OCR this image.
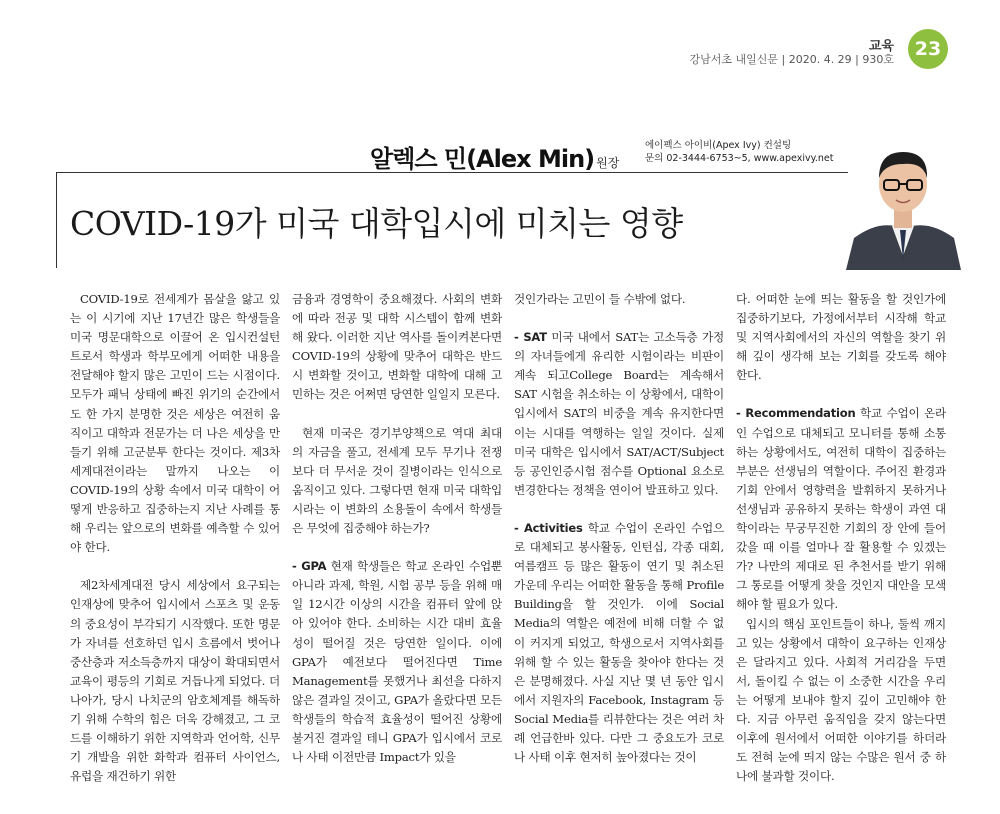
교육
강남서초 내일신문 | 2020. 4. 29 | 930호	23
알렉스 민(Alex Min) 원장
에이펙스 아이비(Apex Ivy) 컨설팅
문의 02-3444-6753~5, www.apexivy.net
COVID-19가 미국 대학입시에 미치는 영향

COVID-19로 전세계가 몸살을 앓고 있는 이 시기에 지난 17년간 많은 학생들을 미국 명문대학으로 이끌어 온 입시컨설턴트로서 학생과 학부모에게 어떠한 내용을 전달해야 할지 많은 고민이 드는 시점이다. 모두가 패닉 상태에 빠진 위기의 순간에서도 한 가지 분명한 것은 세상은 여전히 움직이고 대학과 전문가는 더 나은 세상을 만들기 위해 고군분투 한다는 것이다. 제3차 세계대전이라는 말까지 나오는 이 COVID-19의 상황 속에서 미국 대학이 어떻게 반응하고 집중하는지 지난 사례를 통해 우리는 앞으로의 변화를 예측할 수 있어야 한다.

제2차세계대전 당시 세상에서 요구되는 인재상에 맞추어 입시에서 스포츠 및 운동의 중요성이 부각되기 시작했다. 또한 명문가 자녀를 선호하던 입시 흐름에서 벗어나 중산층과 저소득층까지 대상이 확대되면서 교육이 평등의 기회로 거듭나게 되었다. 더 나아가, 당시 나치군의 암호체계를 해독하기 위해 수학의 힘은 더욱 강해졌고, 그 코드를 이해하기 위한 지역학과 언어학, 신무기 개발을 위한 화학과 컴퓨터 사이언스, 유럽을 재건하기 위한

금융과 경영학이 중요해졌다. 사회의 변화에 따라 전공 및 대학 시스템이 함께 변화해 왔다. 이러한 지난 역사를 돌이켜본다면 COVID-19의 상황에 맞추어 대학은 반드시 변화할 것이고, 변화할 대학에 대해 고민하는 것은 어쩌면 당연한 일일지 모른다.

현재 미국은 경기부양책으로 역대 최대의 자금을 풀고, 전세계 모두 무기나 전쟁보다 더 무서운 것이 질병이라는 인식으로 움직이고 있다. 그렇다면 현재 미국 대학입시라는 이 변화의 소용돌이 속에서 학생들은 무엇에 집중해야 하는가?

- GPA 현재 학생들은 학교 온라인 수업뿐 아니라 과제, 학원, 시험 공부 등을 위해 매일 12시간 이상의 시간을 컴퓨터 앞에 앉아 있어야 한다. 소비하는 시간 대비 효율성이 떨어질 것은 당연한 일이다. 이에 GPA가 예전보다 떨어진다면 Time Management를 못했거나 최선을 다하지 않은 결과일 것이고, GPA가 올랐다면 모든 학생들의 학습적 효율성이 떨어진 상황에 불거진 결과일 테니 GPA가 입시에서 코로나 사태 이전만큼 Impact가 있을

것인가라는 고민이 들 수밖에 없다.

- SAT 미국 내에서 SAT는 고소득층 가정의 자녀들에게 유리한 시험이라는 비판이 계속 되고College Board는 계속해서 SAT 시험을 취소하는 이 상황에서, 대학이 입시에서 SAT의 비중을 계속 유지한다면 이는 시대를 역행하는 일일 것이다. 실제 미국 대학은 입시에서 SAT/ACT/Subject 등 공인인증시험 점수를 Optional 요소로 변경한다는 정책을 연이어 발표하고 있다.

- Activities 학교 수업이 온라인 수업으로 대체되고 봉사활동, 인턴십, 각종 대회, 여름캠프 등 많은 활동이 연기 및 취소된 가운데 우리는 어떠한 활동을 통해 Profile Building을 할 것인가. 이에 Social Media의 역할은 예전에 비해 더할 수 없이 커지게 되었고, 학생으로서 지역사회를 위해 할 수 있는 활동을 찾아야 한다는 것은 분명해졌다. 사실 지난 몇 년 동안 입시에서 지원자의 Facebook, Instagram 등 Social Media를 리뷰한다는 것은 여러 차례 언급한바 있다. 다만 그 중요도가 코로나 사태 이후 현저히 높아졌다는 것이

다. 어떠한 눈에 띄는 활동을 할 것인가에 집중하기보다, 가정에서부터 시작해 학교 및 지역사회에서의 자신의 역할을 찾기 위해 깊이 생각해 보는 기회를 갖도록 해야 한다.

- Recommendation 학교 수업이 온라인 수업으로 대체되고 모니터를 통해 소통하는 상황에서도, 여전히 대학이 집중하는 부분은 선생님의 역할이다. 주어진 환경과 기회 안에서 영향력을 발휘하지 못하거나 선생님과 공유하지 못하는 학생이 과연 대학이라는 무궁무진한 기회의 장 안에 들어갔을 때 이를 얼마나 잘 활용할 수 있겠는가? 나만의 제대로 된 추천서를 받기 위해 그 통로를 어떻게 찾을 것인지 대안을 모색해야 할 필요가 있다.

입시의 핵심 포인트들이 하나, 둘씩 깨지고 있는 상황에서 대학이 요구하는 인재상은 달라지고 있다. 사회적 거리감을 두면서, 돌이킬 수 없는 이 소중한 시간을 우리는 어떻게 보내야 할지 깊이 고민해야 한다. 지금 아무런 움직임을 갖지 않는다면 이후에 원서에서 어떠한 이야기를 하더라도 전혀 눈에 띄지 않는 수많은 원서 중 하나에 불과할 것이다.
